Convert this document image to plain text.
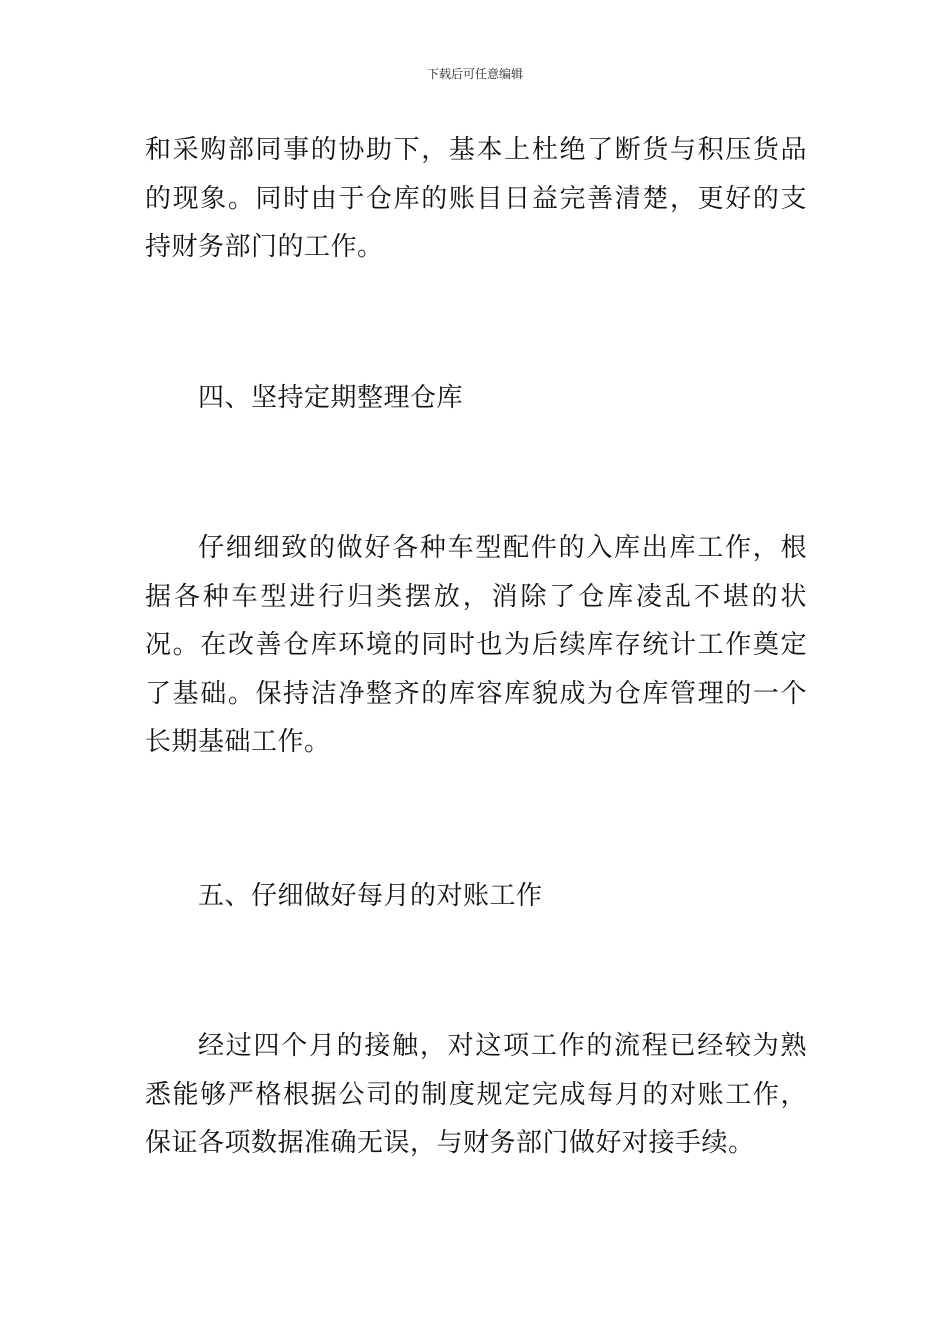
下载后可任意编辑

和采购部同事的协助下，基本上杜绝了断货与积压货品的现象。同时由于仓库的账目日益完善清楚，更好的支持财务部门的工作。

四、坚持定期整理仓库

仔细细致的做好各种车型配件的入库出库工作，根据各种车型进行归类摆放，消除了仓库凌乱不堪的状况。在改善仓库环境的同时也为后续库存统计工作奠定了基础。保持洁净整齐的库容库貌成为仓库管理的一个长期基础工作。

五、仔细做好每月的对账工作

经过四个月的接触，对这项工作的流程已经较为熟悉能够严格根据公司的制度规定完成每月的对账工作，保证各项数据准确无误，与财务部门做好对接手续。
